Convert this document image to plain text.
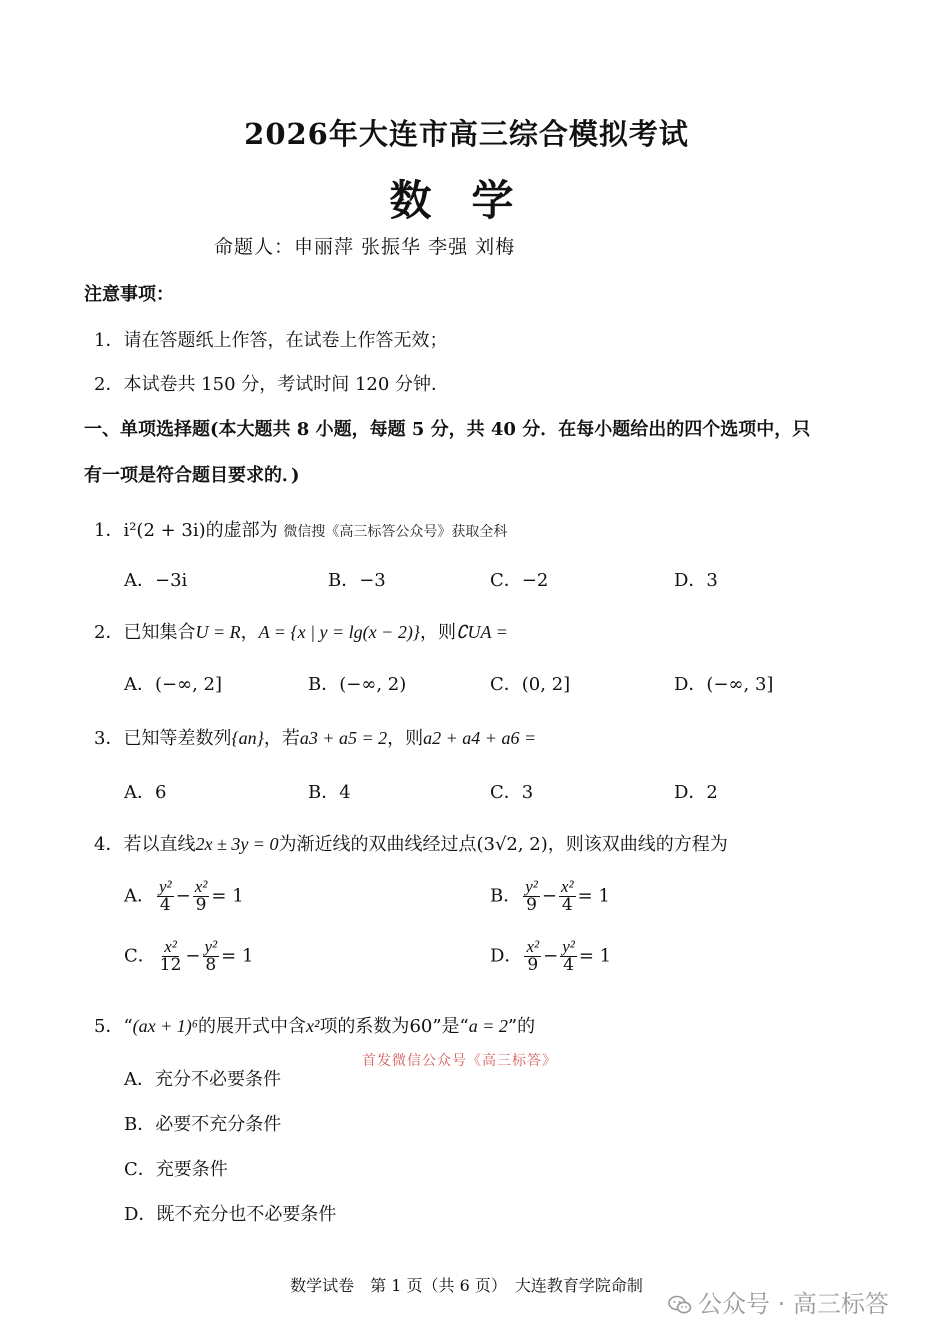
2026年大连市高三综合模拟考试
数学
命题人：申丽萍 张振华 李强 刘梅
注意事项：
1．请在答题纸上作答，在试卷上作答无效；
2．本试卷共 150 分，考试时间 120 分钟．
一、单项选择题(本大题共 8 小题，每题 5 分，共 40 分．在每小题给出的四个选项中，只
有一项是符合题目要求的．)
1．i²(2 + 3i)的虚部为 微信搜《高三标答公众号》获取全科
A．−3i	B．−3	C．−2	D．3
2．已知集合U = R，A = {x | y = lg(x − 2)}，则∁UA =
A．(−∞, 2]	B．(−∞, 2)	C．(0, 2]	D．(−∞, 3]
3．已知等差数列{an}，若a3 + a5 = 2，则a2 + a4 + a6 =
A．6	B．4	C．3	D．2
4．若以直线2x ± 3y = 0为渐近线的双曲线经过点(3√2, 2)，则该双曲线的方程为
A． $\frac{\text{y²}}{4} - \frac{\text{x²}}{9} = 1$	B． $\frac{\text{y²}}{9} - \frac{\text{x²}}{4} = 1$
C． $\frac{\text{x²}}{12} - \frac{\text{y²}}{8} = 1$	D． $\frac{\text{x²}}{9} - \frac{\text{y²}}{4} = 1$
5．“(ax + 1)⁶的展开式中含x²项的系数为60”是“a = 2”的
首发微信公众号《高三标答》
A．充分不必要条件
B．必要不充分条件
C．充要条件
D．既不充分也不必要条件
数学试卷　第 1 页（共 6 页）　大连教育学院命制
公众号 · 高三标答
